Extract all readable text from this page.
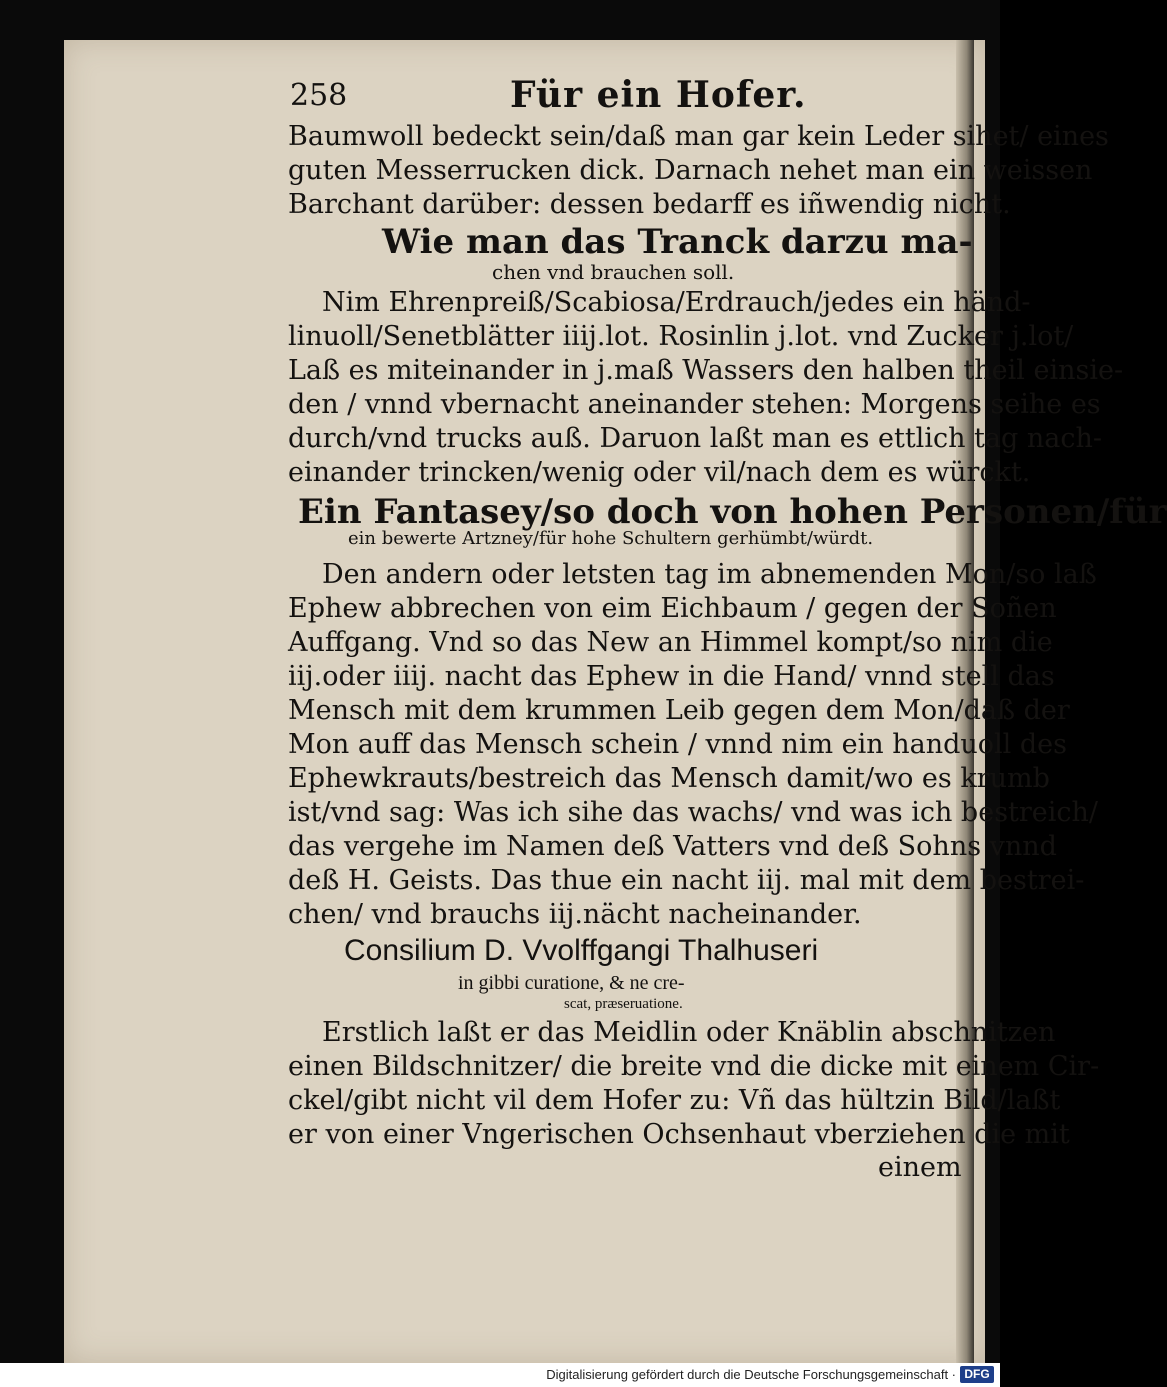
258	Für ein Hofer.
Baumwoll bedeckt sein/daß man gar kein Leder sihet/ eines
guten Messerrucken dick. Darnach nehet man ein weissen
Barchant darüber: dessen bedarff es iñwendig nicht.
Wie man das Tranck darzu ma-
chen vnd brauchen soll.
Nim Ehrenpreiß/Scabiosa/Erdrauch/jedes ein händ-
linuoll/Senetblätter iiij.lot. Rosinlin j.lot. vnd Zucker j.lot/
Laß es miteinander in j.maß Wassers den halben theil einsie-
den / vnnd vbernacht aneinander stehen: Morgens seihe es
durch/vnd trucks auß. Daruon laßt man es ettlich tag nach-
einander trincken/wenig oder vil/nach dem es würckt.
Ein Fantasey/so doch von hohen Personen/für
ein bewerte Artzney/für hohe Schultern gerhümbt/würdt.
Den andern oder letsten tag im abnemenden Mon/so laß
Ephew abbrechen von eim Eichbaum / gegen der Soñen
Auffgang. Vnd so das New an Himmel kompt/so nim die
iij.oder iiij. nacht das Ephew in die Hand/ vnnd stell das
Mensch mit dem krummen Leib gegen dem Mon/daß der
Mon auff das Mensch schein / vnnd nim ein handuoll des
Ephewkrauts/bestreich das Mensch damit/wo es krumb
ist/vnd sag: Was ich sihe das wachs/ vnd was ich bestreich/
das vergehe im Namen deß Vatters vnd deß Sohns vnnd
deß H. Geists. Das thue ein nacht iij. mal mit dem bestrei-
chen/ vnd brauchs iij.nächt nacheinander.
Consilium D. Vvolffgangi Thalhuseri
in gibbi curatione, & ne cre-
scat, præseruatione.
Erstlich laßt er das Meidlin oder Knäblin abschnitzen
einen Bildschnitzer/ die breite vnd die dicke mit einem Cir-
ckel/gibt nicht vil dem Hofer zu: Vñ das hültzin Bild/laßt
er von einer Vngerischen Ochsenhaut vberziehen die mit
einem
Digitalisierung gefördert durch die Deutsche Forschungsgemeinschaft · DFG
